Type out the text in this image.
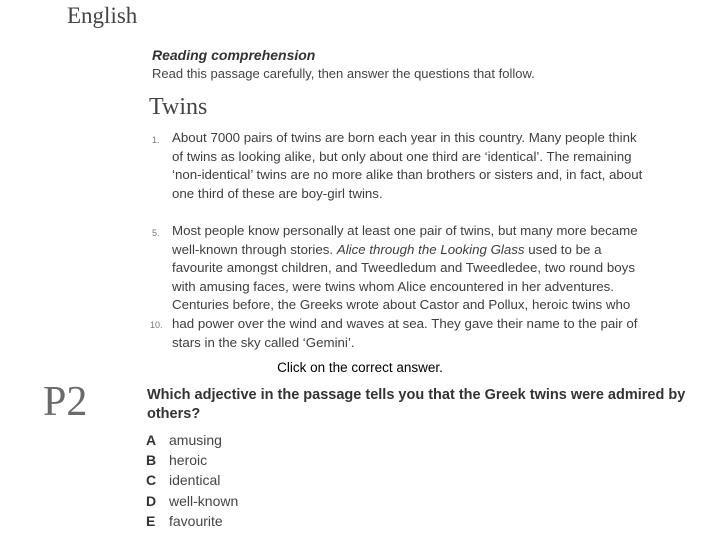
English
Reading comprehension
Read this passage carefully, then answer the questions that follow.
Twins
1.
5.
10.

About 7000 pairs of twins are born each year in this country. Many people think

of twins as looking alike, but only about one third are ‘identical’. The remaining

‘non-identical’ twins are no more alike than brothers or sisters and, in fact, about

one third of these are boy-girl twins.

Most people know personally at least one pair of twins, but many more became

well-known through stories. Alice through the Looking Glass used to be a

favourite amongst children, and Tweedledum and Tweedledee, two round boys

with amusing faces, were twins whom Alice encountered in her adventures.

Centuries before, the Greeks wrote about Castor and Pollux, heroic twins who

had power over the wind and waves at sea. They gave their name to the pair of

stars in the sky called ‘Gemini’.

Click on the correct answer.
P2	Which adjective in the passage tells you that the Greek twins were admired by others?
A amusing
B heroic
C identical
D well-known
E favourite
